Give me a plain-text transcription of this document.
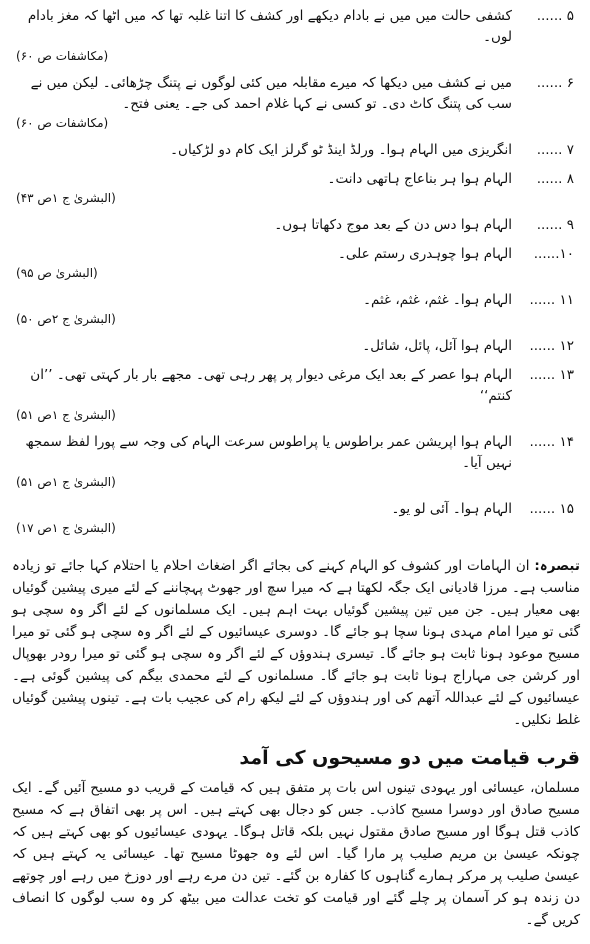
۵ ......
کشفی حالت میں میں نے بادام دیکھے اور کشف کا اتنا غلبہ تھا کہ میں اٹھا کہ مغز بادام لوں۔
(مکاشفات ص ۶۰)
۶ ......
میں نے کشف میں دیکھا کہ میرے مقابلہ میں کئی لوگوں نے پتنگ چڑھائی۔ لیکن میں نے سب کی پتنگ کاٹ دی۔ تو کسی نے کہا غلام احمد کی جے۔ یعنی فتح۔
(مکاشفات ص ۶۰)
۷ ......
انگریزی میں الہام ہوا۔ ورلڈ اینڈ ٹو گرلز ایک کام دو لڑکیاں۔
۸ ......
الہام ہوا ہر بناعاج ہاتھی دانت۔
(البشریٰ ج ۱ص ۴۳)
۹ ......
الہام ہوا دس دن کے بعد موج دکھاتا ہوں۔
۱۰......
الہام ہوا چوہدری رستم علی۔
(البشریٰ ص ۹۵)
۱۱ ......
الہام ہوا۔ غثم، غثم، غثم۔
(البشریٰ ج ۲ص ۵۰)
۱۲ ......
الہام ہوا آئل، پائل، شائل۔
۱۳ ......
الہام ہوا عصر کے بعد ایک مرغی دیوار پر پھر رہی تھی۔ مجھے بار بار کہتی تھی۔ ’’ان کنتم‘‘
(البشریٰ ج ۱ص ۵۱)
۱۴ ......
الہام ہوا اپریشن عمر براطوس یا پراطوس سرعت الہام کی وجہ سے پورا لفظ سمجھ نہیں آیا۔
(البشریٰ ج ۱ص ۵۱)
۱۵ ......
الہام ہوا۔ آئی لو یو۔
(البشریٰ ج ۱ص ۱۷)
تبصرہ: ان الہامات اور کشوف کو الہام کہنے کی بجائے اگر اضغاث احلام یا احتلام کہا جائے تو زیادہ مناسب ہے۔ مرزا قادیانی ایک جگہ لکھتا ہے کہ میرا سچ اور جھوٹ پہچاننے کے لئے میری پیشین گوئیاں بھی معیار ہیں۔ جن میں تین پیشین گوئیاں بہت اہم ہیں۔ ایک مسلمانوں کے لئے اگر وہ سچی ہو گئی تو میرا امام مہدی ہونا سچا ہو جائے گا۔ دوسری عیسائیوں کے لئے اگر وہ سچی ہو گئی تو میرا مسیح موعود ہونا ثابت ہو جائے گا۔ تیسری ہندوؤں کے لئے اگر وہ سچی ہو گئی تو میرا رودر بھوپال اور کرشن جی مہاراج ہونا ثابت ہو جائے گا۔ مسلمانوں کے لئے محمدی بیگم کی پیشین گوئی ہے۔ عیسائیوں کے لئے عبداللہ آتھم کی اور ہندوؤں کے لئے لیکھ رام کی عجیب بات ہے۔ تینوں پیشین گوئیاں غلط نکلیں۔
قرب قیامت میں دو مسیحوں کی آمد
مسلمان، عیسائی اور یہودی تینوں اس بات پر متفق ہیں کہ قیامت کے قریب دو مسیح آئیں گے۔ ایک مسیح صادق اور دوسرا مسیح کاذب۔ جس کو دجال بھی کہتے ہیں۔ اس پر بھی اتفاق ہے کہ مسیح کاذب قتل ہوگا اور مسیح صادق مقتول نہیں بلکہ قاتل ہوگا۔ یہودی عیسائیوں کو بھی کہتے ہیں کہ چونکہ عیسیٰ بن مریم صلیب پر مارا گیا۔ اس لئے وہ جھوٹا مسیح تھا۔ عیسائی یہ کہتے ہیں کہ عیسیٰ صلیب پر مرکر ہمارے گناہوں کا کفارہ بن گئے۔ تین دن مرے رہے اور دوزخ میں رہے اور چوتھے دن زندہ ہو کر آسمان پر چلے گئے اور قیامت کو تخت عدالت میں بیٹھ کر وہ سب لوگوں کا انصاف کریں گے۔
